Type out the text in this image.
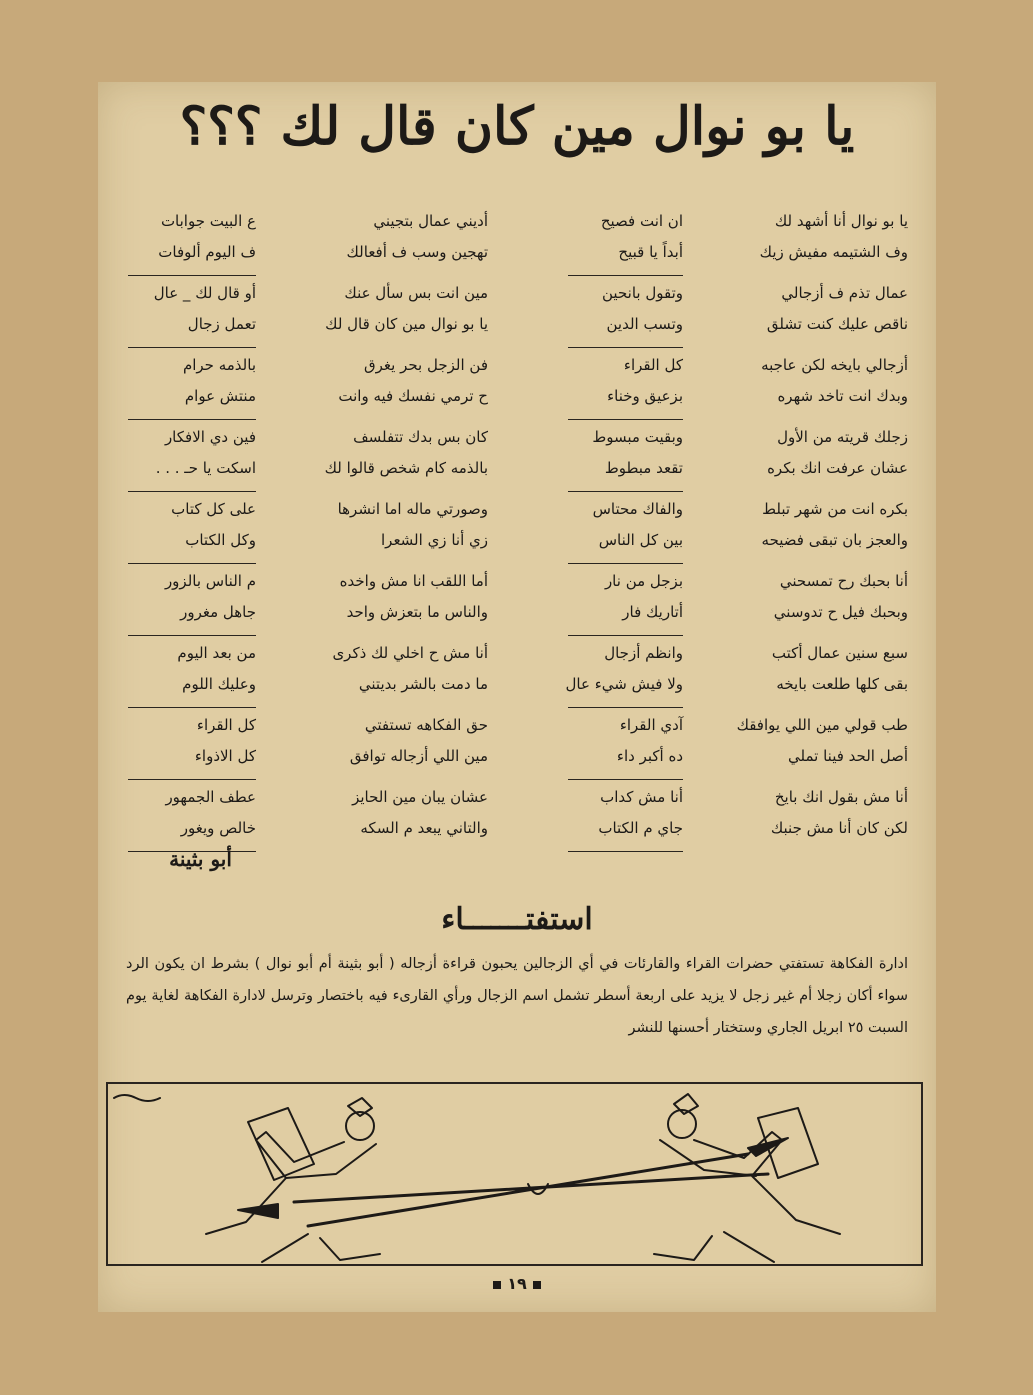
يا بو نوال مين كان قال لك ؟؟؟
يا بو نوال أنا أشهد لك
وف الشتيمه مفيش زيك
عمال تذم ف أزجالي
ناقص عليك كنت تشلق
أزجالي بايخه لكن عاجبه
وبدك انت تاخد شهره
زجلك قريته من الأول
عشان عرفت انك بكره
بكره انت من شهر تبلط
والعجز بان تبقى فضيحه
أنا بحبك رح تمسحني
وبحبك فيل ح تدوسني
سبع سنين عمال أكتب
بقى كلها طلعت بايخه
طب قولي مين اللي يوافقك
أصل الحد فينا تملي
أنا مش بقول انك بايخ
لكن كان أنا مش جنبك
ان انت فصيح
أبداً يا قبيح
وتقول بانحين
وتسب الدين
كل القراء
بزعيق وخناء
وبقيت مبسوط
تقعد مبطوط
والفاك محتاس
بين كل الناس
بزجل من نار
أتاريك فار
وانظم أزجال
ولا فيش شيء عال
آدي القراء
ده أكبر داء
أنا مش كداب
جاي م الكتاب
أديني عمال بتجيني
تهجين وسب ف أفعالك
مين انت بس سأل عنك
يا بو نوال مين كان قال لك
فن الزجل بحر يغرق
ح ترمي نفسك فيه وانت
كان بس بدك تتفلسف
بالذمه كام شخص قالوا لك
وصورتي ماله اما انشرها
زي أنا زي الشعرا
أما اللقب انا مش واخده
والناس ما بتعزش واحد
أنا مش ح اخلي لك ذكرى
ما دمت بالشر بديتني
حق الفكاهه تستفتي
مين اللي أزجاله توافق
عشان يبان مين الحايز
والتاني يبعد م السكه
ع البيت جوابات
ف اليوم ألوفات
أو قال لك _ عال
تعمل زجال
بالذمه حرام
منتش عوام
فين دي الافكار
اسكت يا حـ . . .
على كل كتاب
وكل الكتاب
م الناس بالزور
جاهل مغرور
من بعد اليوم
وعليك اللوم
كل القراء
كل الاذواء
عطف الجمهور
خالص ويغور
أبو بثينة
استفتـــــــاء
ادارة الفكاهة تستفتي حضرات القراء والقارئات في أي الزجالين يحبون قراءة أزجاله ( أبو بثينة أم أبو نوال ) بشرط ان يكون الرد سواء أكان زجلا أم غير زجل لا يزيد على اربعة أسطر تشمل اسم الزجال ورأي القارىء فيه باختصار وترسل لادارة الفكاهة لغاية يوم السبت ٢٥ ابريل الجاري وستختار أحسنها للنشر
١٩
